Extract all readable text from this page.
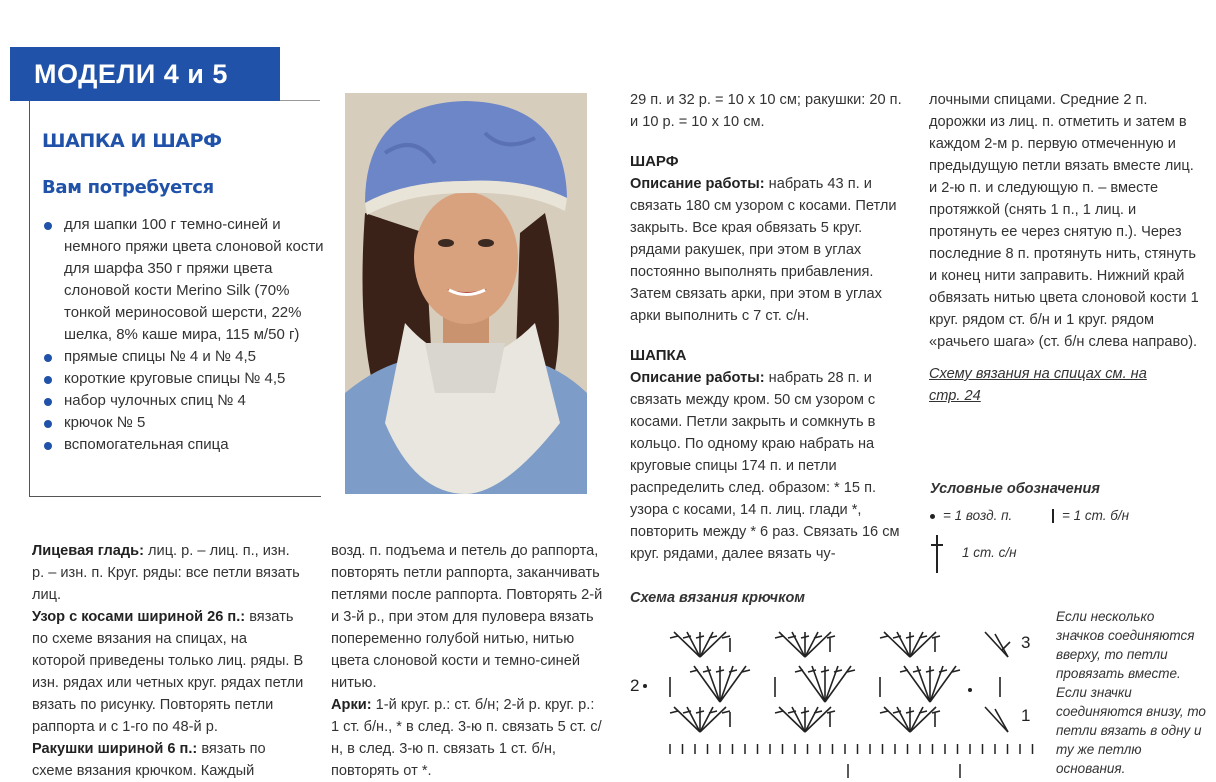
МОДЕЛИ 4 и 5
ШАПКА И ШАРФ
Вам потребуется
для шапки 100 г темно-синей и немного пряжи цвета слоновой кости для шарфа 350 г пряжи цвета слоновой кости Merino Silk (70% тонкой мериносовой шерсти, 22% шелка, 8% каше мира, 115 м/50 г)
прямые спицы № 4 и № 4,5
короткие круговые спицы № 4,5
набор чулочных спиц № 4
крючок № 5
вспомогательная спица

Лицевая гладь: лиц. р. – лиц. п., изн. р. – изн. п. Круг. ряды: все петли вязать лиц.

Узор с косами шириной 26 п.: вязать по схеме вязания на спицах, на которой приведены только лиц. ряды. В изн. рядах или четных круг. рядах петли вязать по рисунку. Повторять петли раппорта и с 1-го по 48-й р.

Ракушки шириной 6 п.: вязать по схеме вязания крючком. Каждый

возд. п. подъема и петель до раппорта, повторять петли раппорта, заканчивать петлями после раппорта. Повторять 2-й и 3-й р., при этом для пуловера вязать попеременно голубой нитью, нитью цвета слоновой кости и темно-синей нитью.

Арки: 1-й круг. р.: ст. б/н; 2-й р. круг. р.: 1 ст. б/н., * в след. 3-ю п. связать 5 ст. с/н, в след. 3-ю п. связать 1 ст. б/н, повторять от *.

29 п. и 32 р. = 10 х 10 см; ракушки: 20 п. и 10 р. = 10 х 10 см.

ШАРФ

Описание работы: набрать 43 п. и связать 180 см узором с косами. Петли закрыть. Все края обвязать 5 круг. рядами ракушек, при этом в углах постоянно выполнять прибавления. Затем связать арки, при этом в углах арки выполнить с 7 ст. с/н.

ШАПКА

Описание работы: набрать 28 п. и связать между кром. 50 см узором с косами. Петли закрыть и сомкнуть в кольцо. По одному краю набрать на круговые спицы 174 п. и петли распределить след. образом: * 15 п. узора с косами, 14 п. лиц. глади *, повторить между * 6 раз. Связать 16 см круг. рядами, далее вязать чу-

лочными спицами. Средние 2 п. дорожки из лиц. п. отметить и затем в каждом 2-м р. первую отмеченную и предыдущую петли вязать вместе лиц. и 2-ю п. и следующую п. – вместе протяжкой (снять 1 п., 1 лиц. и протянуть ее через снятую п.). Через последние 8 п. протянуть нить, стянуть и конец нити заправить. Нижний край обвязать нитью цвета слоновой кости 1 круг. рядом ст. б/н и 1 круг. рядом «рачьего шага» (ст. б/н слева направо).

Схему вязания на спицах см. на стр. 24

Условные обозначения
= 1 возд. п.	= 1 ст. б/н
1 ст. с/н
Схема вязания крючком
3
2
1
Если несколько значков соединяются вверху, то петли провязать вместе. Если значки соединяются внизу, то петли вязать в одну и ту же петлю основания.
